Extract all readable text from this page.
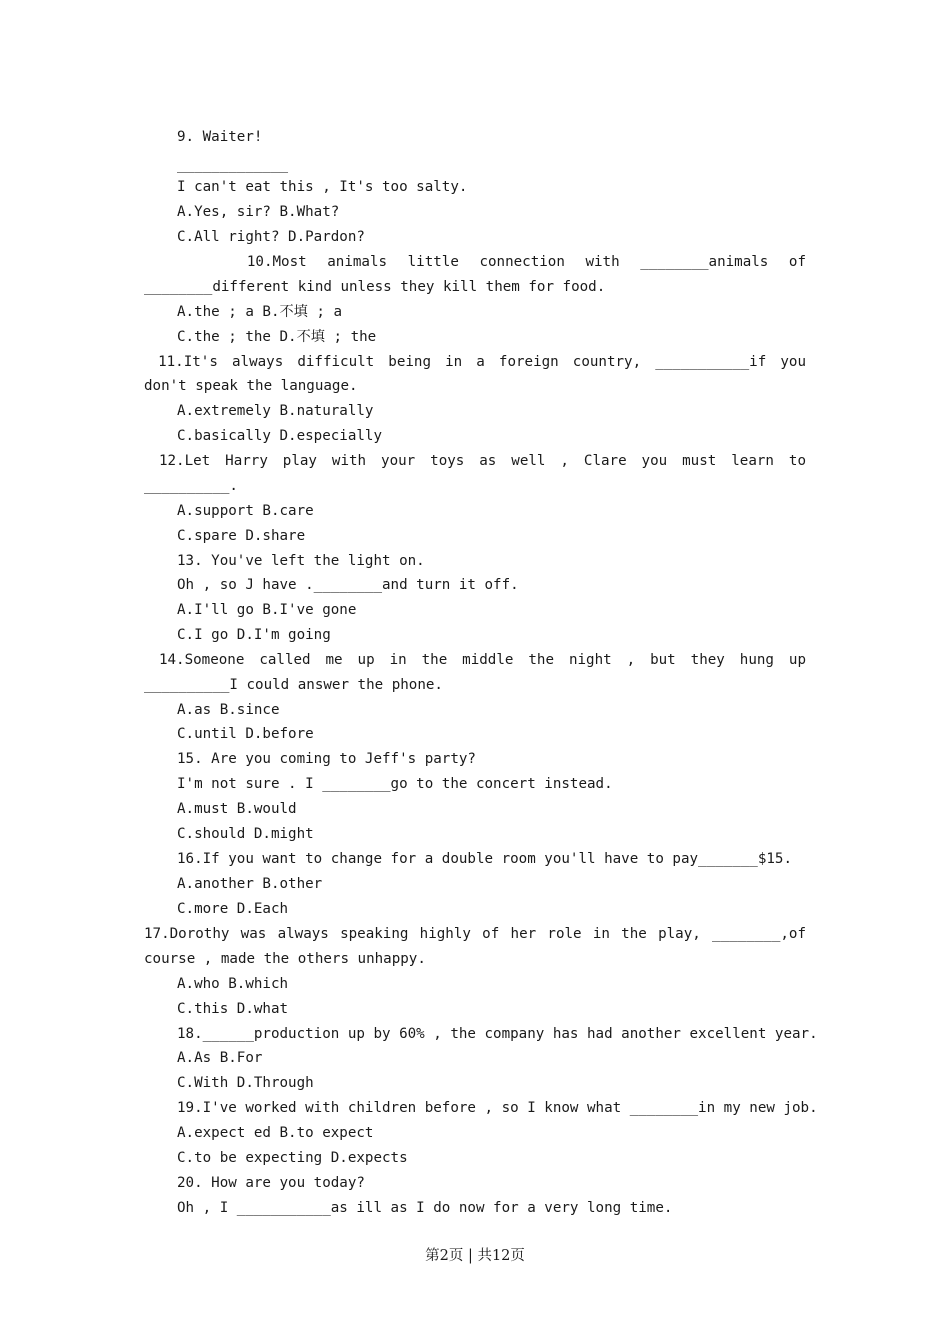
9. Waiter!
_____________
I can't eat this , It's too salty.
A.Yes, sir? B.What?
C.All right? D.Pardon?
10.Most animals little connection with ________animals of
________different kind unless they kill them for food.
A.the ; a B.不填 ; a
C.the ; the D.不填 ; the
11.It's always difficult being in a foreign country, ___________if you
don't speak the language.
A.extremely B.naturally
C.basically D.especially
12.Let Harry play with your toys as well , Clare you must learn to
__________.
A.support B.care
C.spare D.share
13. You've left the light on.
Oh , so J have .________and turn it off.
A.I'll go B.I've gone
C.I go D.I'm going
14.Someone called me up in the middle the night , but they hung up
__________I could answer the phone.
A.as B.since
C.until D.before
15. Are you coming to Jeff's party?
I'm not sure . I ________go to the concert instead.
A.must B.would
C.should D.might
16.If you want to change for a double room you'll have to pay_______$15.
A.another B.other
C.more D.Each
17.Dorothy was always speaking highly of her role in the play, ________,of
course , made the others unhappy.
A.who B.which
C.this D.what
18.______production up by 60% , the company has had another excellent year.
A.As B.For
C.With D.Through
19.I've worked with children before , so I know what ________in my new job.
A.expect ed B.to expect
C.to be expecting D.expects
20. How are you today?
Oh , I ___________as ill as I do now for a very long time.
第2页 | 共12页
